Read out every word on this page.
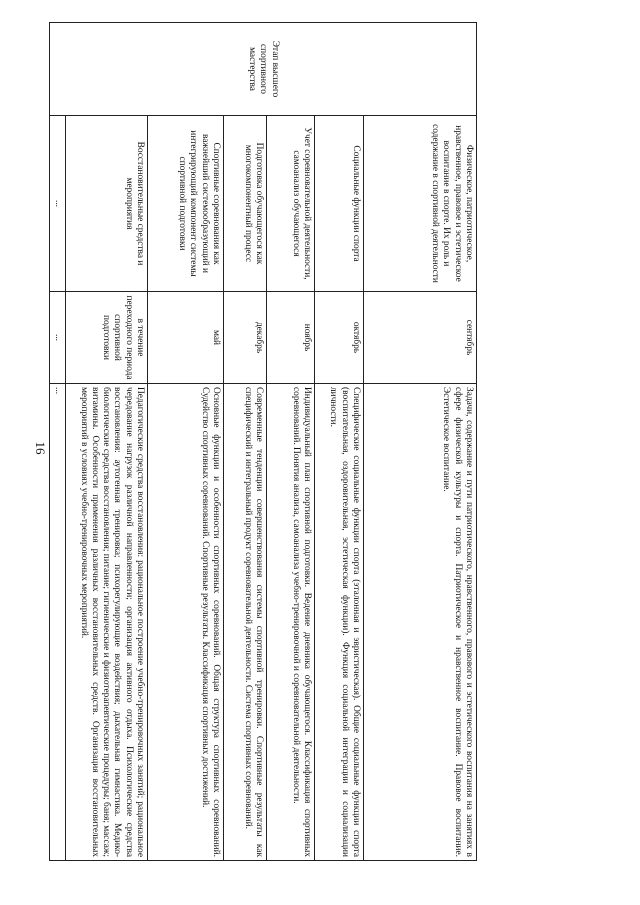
16
Этап высшего спортивного мастерства	Физическое, патриотическое, нравственное, правовое и эстетическое воспитание в спорте. Их роль и содержание в спортивной деятельности	сентябрь	Задачи, содержание и пути патриотического, нравственного, правового и эстетического воспитания на занятиях в сфере физической культуры и спорта. Патриотическое и нравственное воспитание. Правовое воспитание. Эстетическое воспитание.
	Социальные функции спорта	октябрь	Специфические социальные функции спорта (эталонная и эвристическая). Общие социальные функции спорта (воспитательная, оздоровительная, эстетическая функции). Функция социальной интеграции и социализации личности.
	Учет соревновательной деятельности, самоанализ обучающегося	ноябрь	Индивидуальный план спортивной подготовки. Ведение дневника обучающегося. Классификация спортивных соревнований. Понятия анализа, самоанализа учебно-тренировочной и соревновательной деятельности.
	Подготовка обучающегося как многокомпонентный процесс	декабрь	Современные тенденции совершенствования системы спортивной тренировки. Спортивные результаты как специфический и интегральный продукт соревновательной деятельности. Система спортивных соревнований.
	Спортивные соревнования как важнейший системообразующий и интегрирующий компонент системы спортивной подготовки	май	Основные функции и особенности спортивных соревнований. Общая структура спортивных соревнований. Судейство спортивных соревнований. Спортивные результаты. Классификация спортивных достижений.
	Восстановительные средства и мероприятия	в течение переходного периода спортивной подготовки	Педагогические средства восстановления: рациональное построение учебно-тренировочных занятий; рациональное чередование нагрузок различной направленности; организация активного отдыха. Психологические средства восстановления: аутогенная тренировка; психорегулирующие воздействия; дыхательная гимнастика. Медико-биологические средства восстановления; питание; гигиенические и физиотерапевтические процедуры; баня; массаж; витамины. Особенности применения различных восстановительных средств. Организация восстановительных мероприятий в условиях учебно-тренировочных мероприятий.
	...	...	...
